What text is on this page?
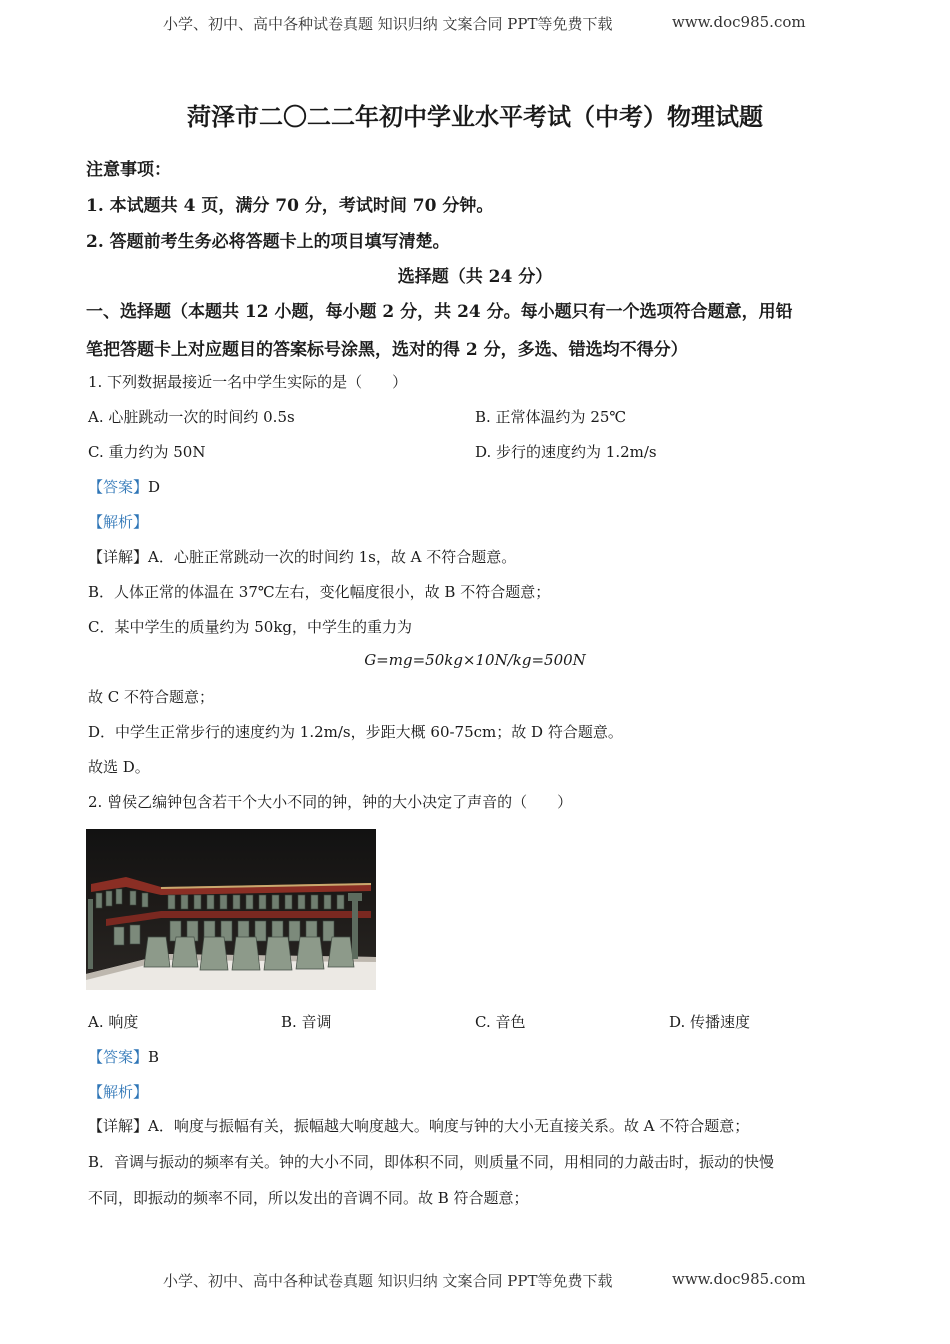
小学、初中、高中各种试卷真题 知识归纳 文案合同 PPT等免费下载	www.doc985.com
菏泽市二〇二二年初中学业水平考试（中考）物理试题
注意事项：
1. 本试题共 4 页，满分 70 分，考试时间 70 分钟。
2. 答题前考生务必将答题卡上的项目填写清楚。
选择题（共 24 分）
一、选择题（本题共 12 小题，每小题 2 分，共 24 分。每小题只有一个选项符合题意，用铅
笔把答题卡上对应题目的答案标号涂黑，选对的得 2 分，多选、错选均不得分）
1. 下列数据最接近一名中学生实际的是（　　）
A. 心脏跳动一次的时间约 0.5s	B. 正常体温约为 25℃
C. 重力约为 50N	D. 步行的速度约为 1.2m/s
【答案】D
【解析】
【详解】A．心脏正常跳动一次的时间约 1s，故 A 不符合题意。
B．人体正常的体温在 37℃左右，变化幅度很小，故 B 不符合题意；
C．某中学生的质量约为 50kg，中学生的重力为
G=mg=50kg×10N/kg=500N
故 C 不符合题意；
D．中学生正常步行的速度约为 1.2m/s，步距大概 60-75cm；故 D 符合题意。
故选 D。
2. 曾侯乙编钟包含若干个大小不同的钟，钟的大小决定了声音的（　　）
A. 响度	B. 音调	C. 音色	D. 传播速度
【答案】B
【解析】
【详解】A．响度与振幅有关，振幅越大响度越大。响度与钟的大小无直接关系。故 A 不符合题意；
B．音调与振动的频率有关。钟的大小不同，即体积不同，则质量不同，用相同的力敲击时，振动的快慢
不同，即振动的频率不同，所以发出的音调不同。故 B 符合题意；
小学、初中、高中各种试卷真题 知识归纳 文案合同 PPT等免费下载	www.doc985.com
